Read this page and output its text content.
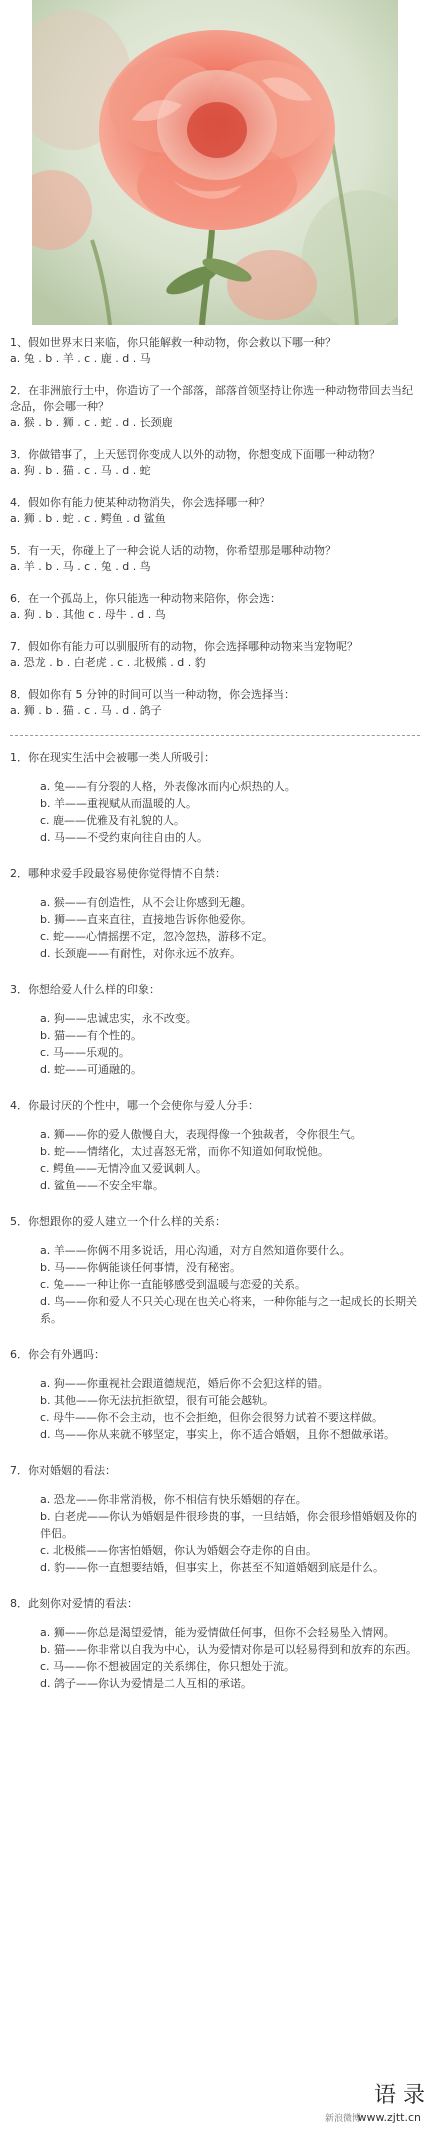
1、假如世界末日来临，你只能解救一种动物，你会救以下哪一种？
a. 兔 . b . 羊 . c . 鹿 . d . 马
2．在非洲旅行土中，你造访了一个部落，部落首领坚持让你选一种动物带回去当纪念品，你会哪一种？
a. 猴 . b . 狮 . c . 蛇 . d . 长颈鹿
3．你做错事了，上天惩罚你变成人以外的动物，你想变成下面哪一种动物？
a. 狗 . b . 猫 . c . 马 . d . 蛇
4．假如你有能力使某种动物消失，你会选择哪一种？
a. 狮 . b . 蛇 . c . 鳄鱼 . d 鲨鱼
5．有一天，你碰上了一种会说人话的动物，你希望那是哪种动物？
a. 羊 . b . 马 . c . 兔 . d . 鸟
6．在一个孤岛上，你只能选一种动物来陪你，你会选：
a. 狗 . b . 其他 c . 母牛 . d . 鸟
7．假如你有能力可以驯服所有的动物，你会选择哪种动物来当宠物呢？
a. 恐龙 . b . 白老虎 . c . 北极熊 . d . 豹
8．假如你有 5 分钟的时间可以当一种动物，你会选择当：
a. 狮 . b . 猫 . c . 马 . d . 鸽子
1．你在现实生活中会被哪一类人所吸引：
a. 兔——有分裂的人格，外表像冰而内心炽热的人。
b. 羊——重视赋从而温暖的人。
c. 鹿——优雅及有礼貌的人。
d. 马——不受约束向往自由的人。
2．哪种求爱手段最容易使你觉得情不自禁：
a. 猴——有创造性，从不会让你感到无趣。
b. 狮——直来直往，直接地告诉你他爱你。
c. 蛇——心情摇摆不定，忽冷忽热，游移不定。
d. 长颈鹿——有耐性，对你永远不放弃。
3．你想给爱人什么样的印象：
a. 狗——忠诚忠实，永不改变。
b. 猫——有个性的。
c. 马——乐观的。
d. 蛇——可通融的。
4．你最讨厌的个性中，哪一个会使你与爱人分手：
a. 狮——你的爱人傲慢自大，表现得像一个独裁者，令你很生气。
b. 蛇——情绪化，太过喜怒无常，而你不知道如何取悦他。
c. 鳄鱼——无情冷血又爱讽刺人。
d. 鲨鱼——不安全牢靠。
5．你想跟你的爱人建立一个什么样的关系：
a. 羊——你俩不用多说话，用心沟通，对方自然知道你要什么。
b. 马——你俩能谈任何事情，没有秘密。
c. 兔——一种让你一直能够感受到温暖与恋爱的关系。
d. 鸟——你和爱人不只关心现在也关心将来，一种你能与之一起成长的长期关系。
6．你会有外遇吗：
a. 狗——你重视社会跟道德规范，婚后你不会犯这样的错。
b. 其他——你无法抗拒欲望，很有可能会越轨。
c. 母牛——你不会主动，也不会拒绝，但你会很努力试着不要这样做。
d. 鸟——你从来就不够坚定，事实上，你不适合婚姻，且你不想做承诺。
7．你对婚姻的看法：
a. 恐龙——你非常消极，你不相信有快乐婚姻的存在。
b. 白老虎——你认为婚姻是件很珍贵的事，一旦结婚，你会很珍惜婚姻及你的伴侣。
c. 北极熊——你害怕婚姻，你认为婚姻会夺走你的自由。
d. 豹——你一直想要结婚，但事实上，你甚至不知道婚姻到底是什么。
8．此刻你对爱情的看法：
a. 狮——你总是渴望爱情，能为爱情做任何事，但你不会轻易坠入情网。
b. 猫——你非常以自我为中心，认为爱情对你是可以轻易得到和放弃的东西。
c. 马——你不想被固定的关系绑住，你只想处于流。
d. 鸽子——你认为爱情是二人互相的承诺。
语 录
新浪微博
www.zjtt.cn
